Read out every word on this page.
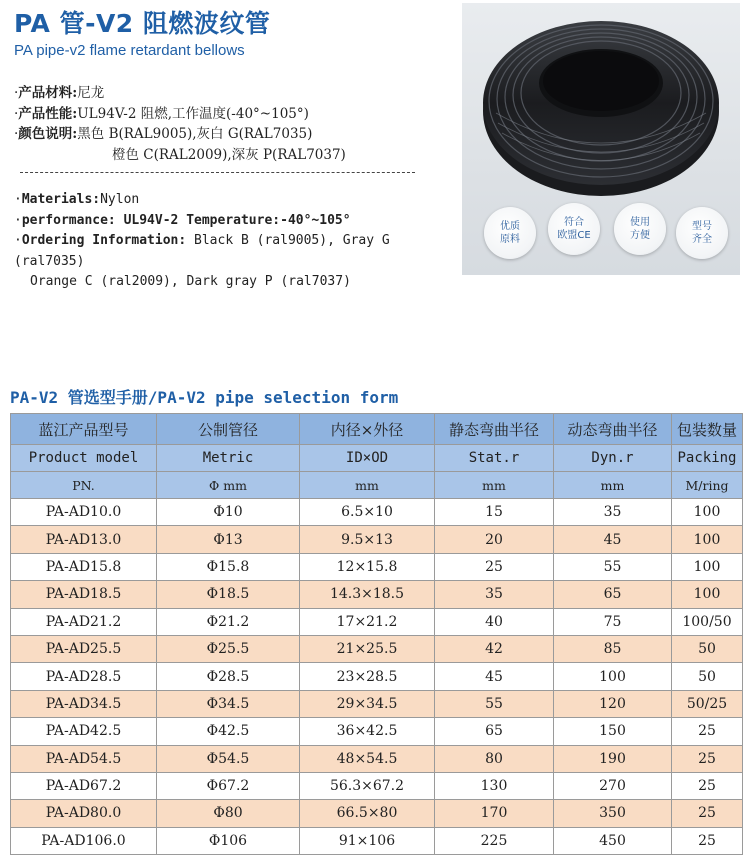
PA 管-V2 阻燃波纹管
PA pipe-v2 flame retardant bellows
· 产品材料: 尼龙
· 产品性能: UL94V-2 阻燃,工作温度(-40°~105°)
· 颜色说明: 黑色 B(RAL9005),灰白 G(RAL7035)
橙色 C(RAL2009),深灰 P(RAL7037)
·Materials:Nylon
·performance: UL94V-2 Temperature:-40°~105°
·Ordering Information: Black B (ral9005), Gray G
(ral7035)
Orange C (ral2009), Dark gray P (ral7037)
优质
原料
符合
欧盟CE
使用
方便
型号
齐全
PA-V2 管选型手册/PA-V2 pipe selection form
蓝江产品型号	公制管径	内径×外径	静态弯曲半径	动态弯曲半径	包装数量
Product model	Metric	ID×OD	Stat.r	Dyn.r	Packing
PN.	Φ mm	mm	mm	mm	M/ring
PA-AD10.0	Φ10	6.5×10	15	35	100
PA-AD13.0	Φ13	9.5×13	20	45	100
PA-AD15.8	Φ15.8	12×15.8	25	55	100
PA-AD18.5	Φ18.5	14.3×18.5	35	65	100
PA-AD21.2	Φ21.2	17×21.2	40	75	100/50
PA-AD25.5	Φ25.5	21×25.5	42	85	50
PA-AD28.5	Φ28.5	23×28.5	45	100	50
PA-AD34.5	Φ34.5	29×34.5	55	120	50/25
PA-AD42.5	Φ42.5	36×42.5	65	150	25
PA-AD54.5	Φ54.5	48×54.5	80	190	25
PA-AD67.2	Φ67.2	56.3×67.2	130	270	25
PA-AD80.0	Φ80	66.5×80	170	350	25
PA-AD106.0	Φ106	91×106	225	450	25
